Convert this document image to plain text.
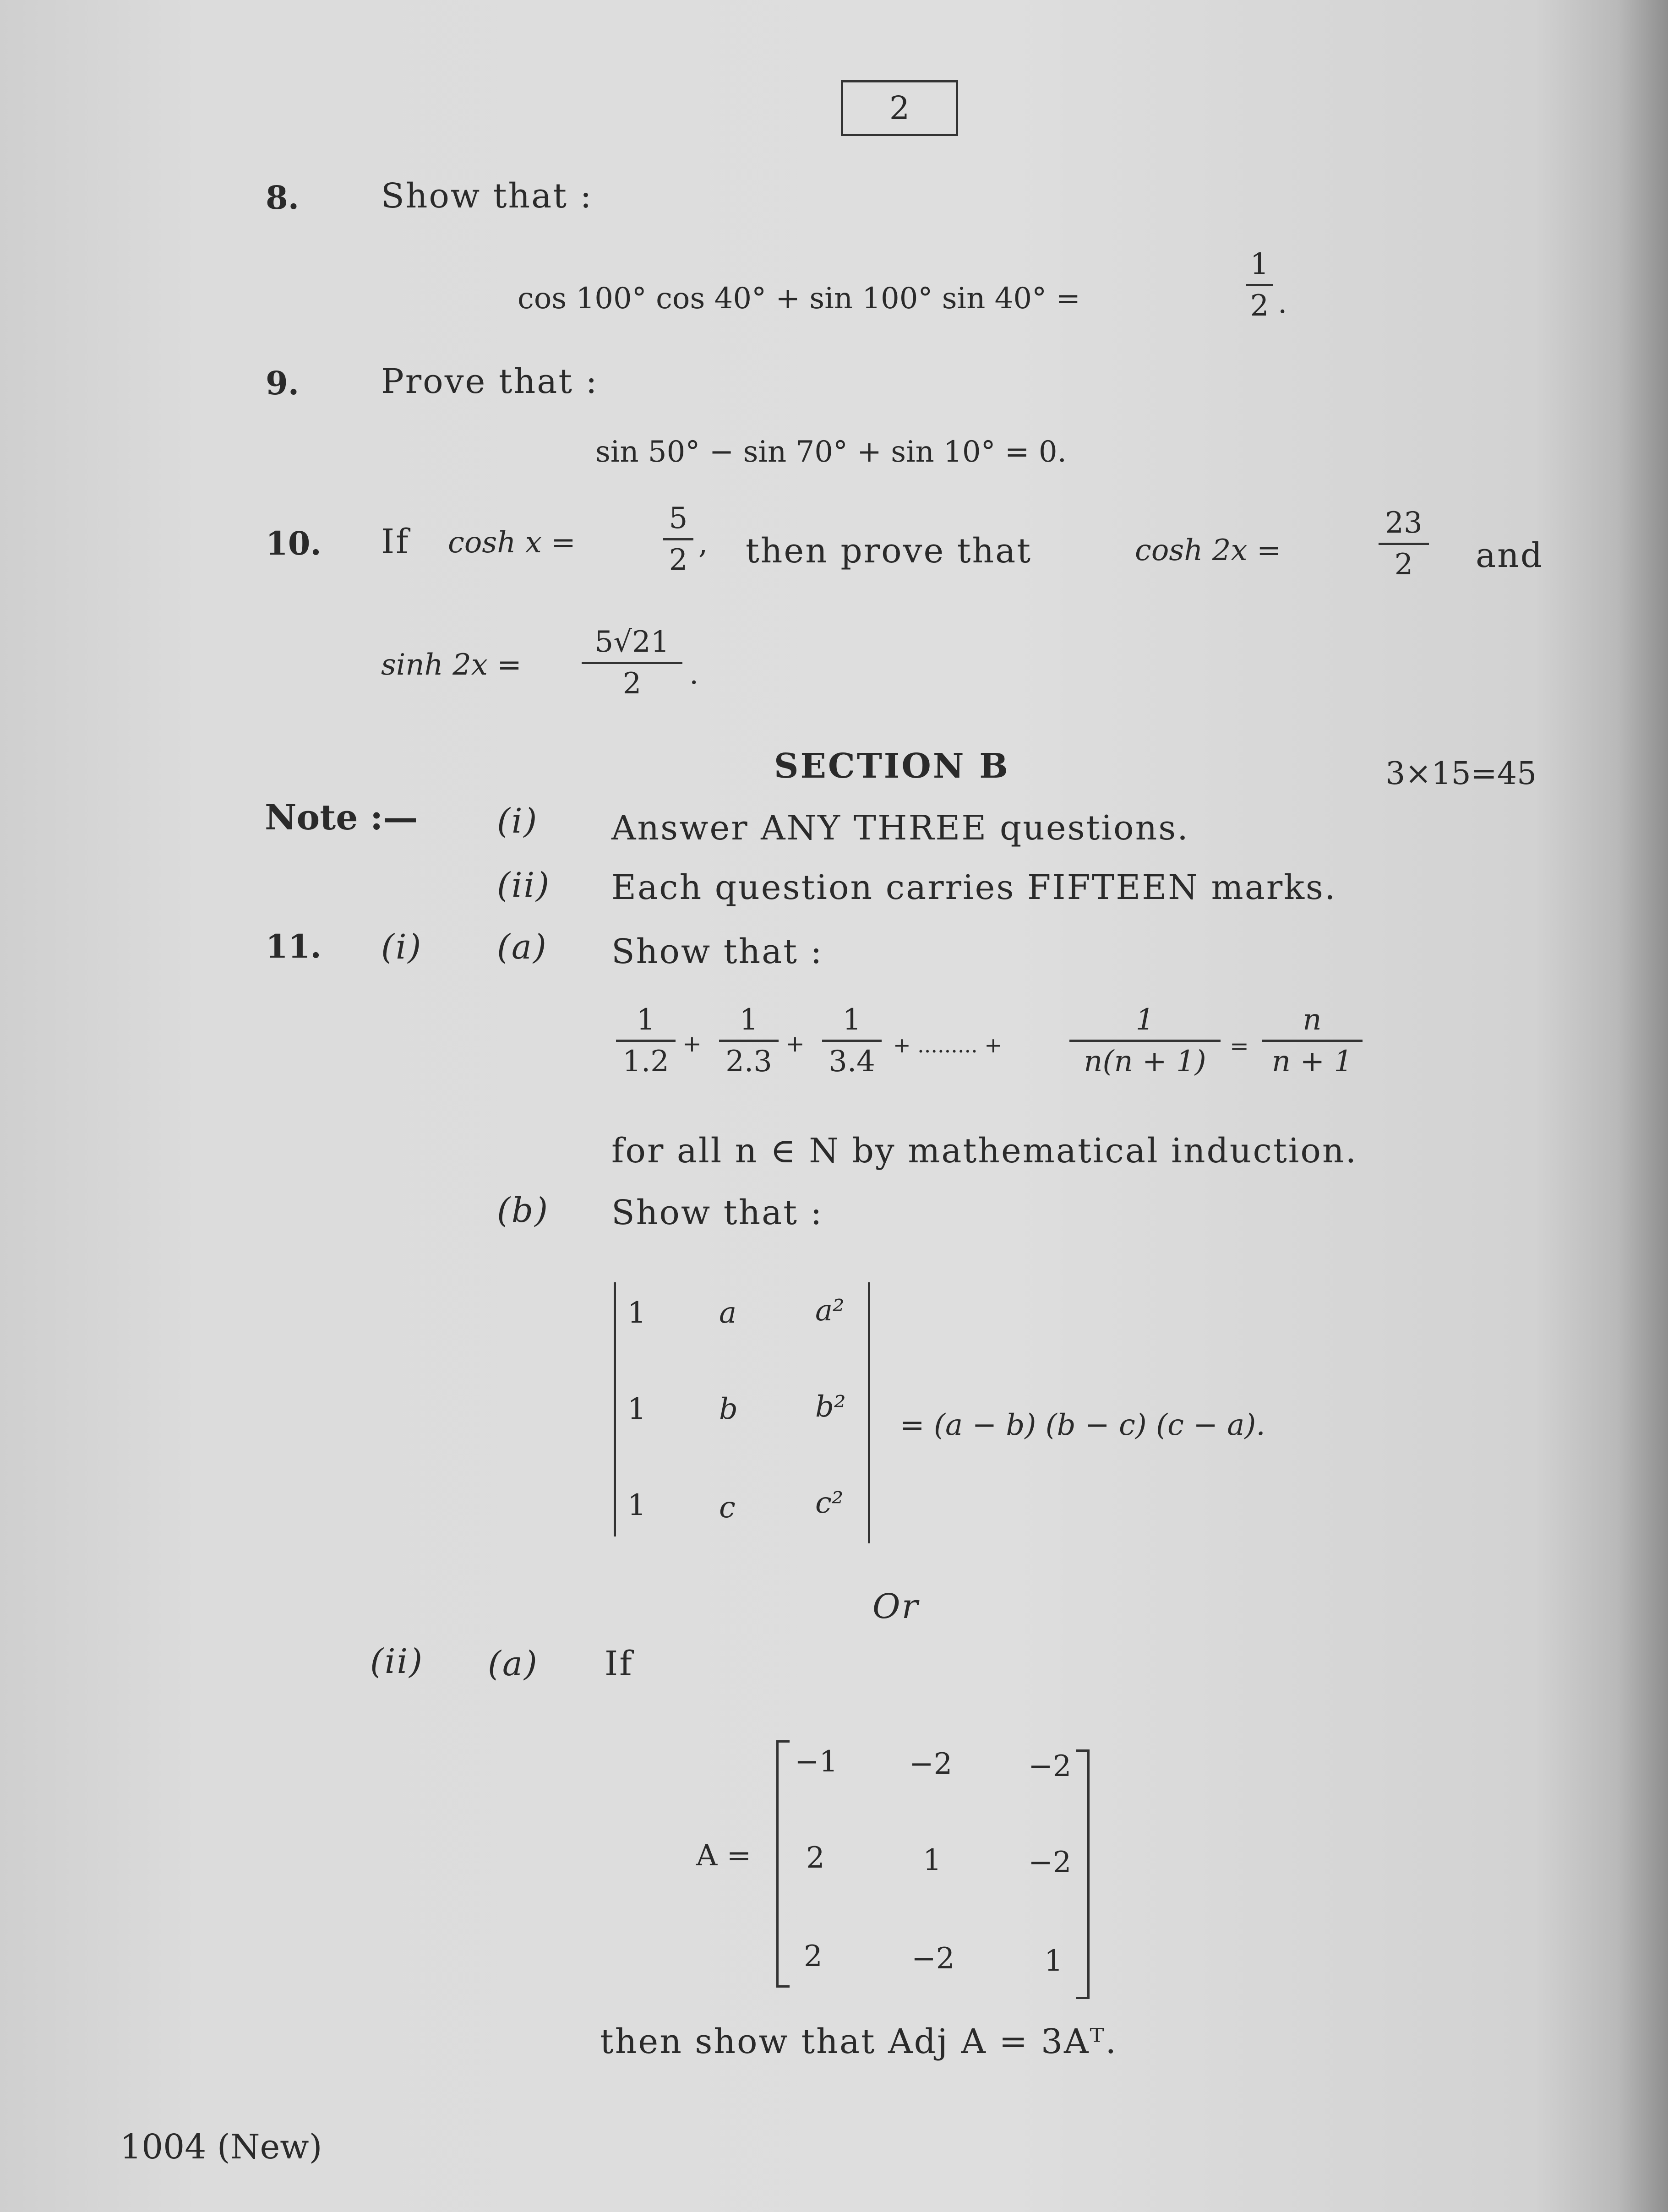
2
8. Show that :
cos 100° cos 40° + sin 100° sin 40° =
1
2 .
9. Prove that :
sin 50° − sin 70° + sin 10° = 0.
10. If cosh x =
5
2 , then prove that	cosh 2x =
23
2	and
sinh 2x =
5√21
2	.
SECTION B	3×15=45
Note :— (i) Answer ANY THREE questions.
(ii) Each question carries FIFTEEN marks.
11. (i) (a) Show that :
1
1.2
+
1
2.3
+
1
3.4 + ......... +
1
n(n + 1)	=
n
n + 1
for all n ∈ N by mathematical induction.
(b) Show that :
1 a	a²
1 b	b²
1 c	c²
= (a − b) (b − c) (c − a).
Or
(ii) (a) If
A =
−1 −2	−2
2	1	−2
2	−2	1
then show that Adj A = 3Aᵀ.
1004 (New)
